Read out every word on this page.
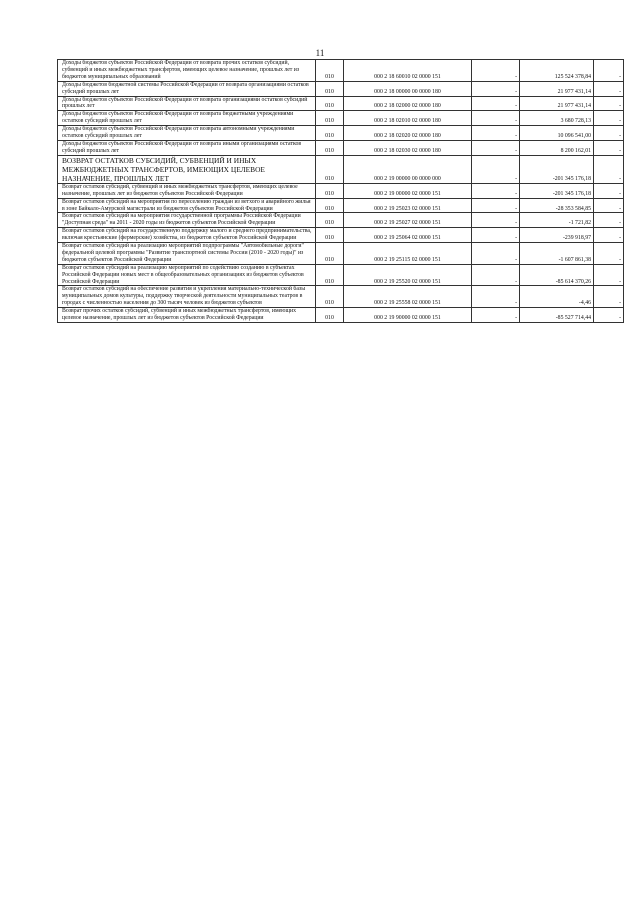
11
Доходы бюджетов субъектов Российской Федерации от возврата прочих остатков субсидий, субвенций и иных межбюджетных трансфертов, имеющих целевое назначение, прошлых лет из бюджетов муниципальных образований	010	000 2 18 60010 02 0000 151	-	125 524 378,84	-
Доходы бюджетов бюджетной системы Российской Федерации от возврата организациями остатков субсидий прошлых лет	010	000 2 18 00000 00 0000 180	-	21 977 431,14	-
Доходы бюджетов субъектов Российской Федерации от возврата организациями остатков субсидий прошлых лет	010	000 2 18 02000 02 0000 180	-	21 977 431,14	-
Доходы бюджетов субъектов Российской Федерации от возврата бюджетными учреждениями остатков субсидий прошлых лет	010	000 2 18 02010 02 0000 180	-	3 680 728,13	-
Доходы бюджетов субъектов Российской Федерации от возврата автономными учреждениями остатков субсидий прошлых лет	010	000 2 18 02020 02 0000 180	-	10 096 541,00	-
Доходы бюджетов субъектов Российской Федерации от возврата иными организациями остатков субсидий прошлых лет	010	000 2 18 02030 02 0000 180	-	8 200 162,01	-
ВОЗВРАТ ОСТАТКОВ СУБСИДИЙ, СУБВЕНЦИЙ И ИНЫХ МЕЖБЮДЖЕТНЫХ ТРАНСФЕРТОВ, ИМЕЮЩИХ ЦЕЛЕВОЕ НАЗНАЧЕНИЕ, ПРОШЛЫХ ЛЕТ	010	000 2 19 00000 00 0000 000	-	-201 345 176,18	-
Возврат остатков субсидий, субвенций и иных межбюджетных трансфертов, имеющих целевое назначение, прошлых лет из бюджетов субъектов Российской Федерации	010	000 2 19 00000 02 0000 151	-	-201 345 176,18	-
Возврат остатков субсидий на мероприятия по переселению граждан из ветхого и аварийного жилья в зоне Байкало-Амурской магистрали из бюджетов субъектов Российской Федерации	010	000 2 19 25023 02 0000 151	-	-28 353 584,85	-
Возврат остатков субсидий на мероприятия государственной программы Российской Федерации "Доступная среда" на 2011 - 2020 годы из бюджетов субъектов Российской Федерации	010	000 2 19 25027 02 0000 151	-	-1 721,82	-
Возврат остатков субсидий на государственную поддержку малого и среднего предпринимательства, включая крестьянские (фермерские) хозяйства, из бюджетов субъектов Российской Федерации	010	000 2 19 25064 02 0000 151	-	-239 918,97	-
Возврат остатков субсидий на реализацию мероприятий подпрограммы "Автомобильные дороги" федеральной целевой программы "Развитие транспортной системы России (2010 - 2020 годы)" из бюджетов субъектов Российской Федерации	010	000 2 19 25115 02 0000 151	-	-1 607 861,38	-
Возврат остатков субсидий на реализацию мероприятий по содействию созданию в субъектах Российской Федерации новых мест в общеобразовательных организациях из бюджетов субъектов Российской Федерации	010	000 2 19 25520 02 0000 151	-	-85 614 370,26	-
Возврат остатков субсидий на обеспечение развития и укрепления материально-технической базы муниципальных домов культуры, поддержку творческой деятельности муниципальных театров в городах с численностью населения до 300 тысяч человек из бюджетов субъектов	010	000 2 19 25558 02 0000 151	-	-4,46	-
Возврат прочих остатков субсидий, субвенций и иных межбюджетных трансфертов, имеющих целевое назначение, прошлых лет из бюджетов субъектов Российской Федерации	010	000 2 19 90000 02 0000 151	-	-85 527 714,44	-
